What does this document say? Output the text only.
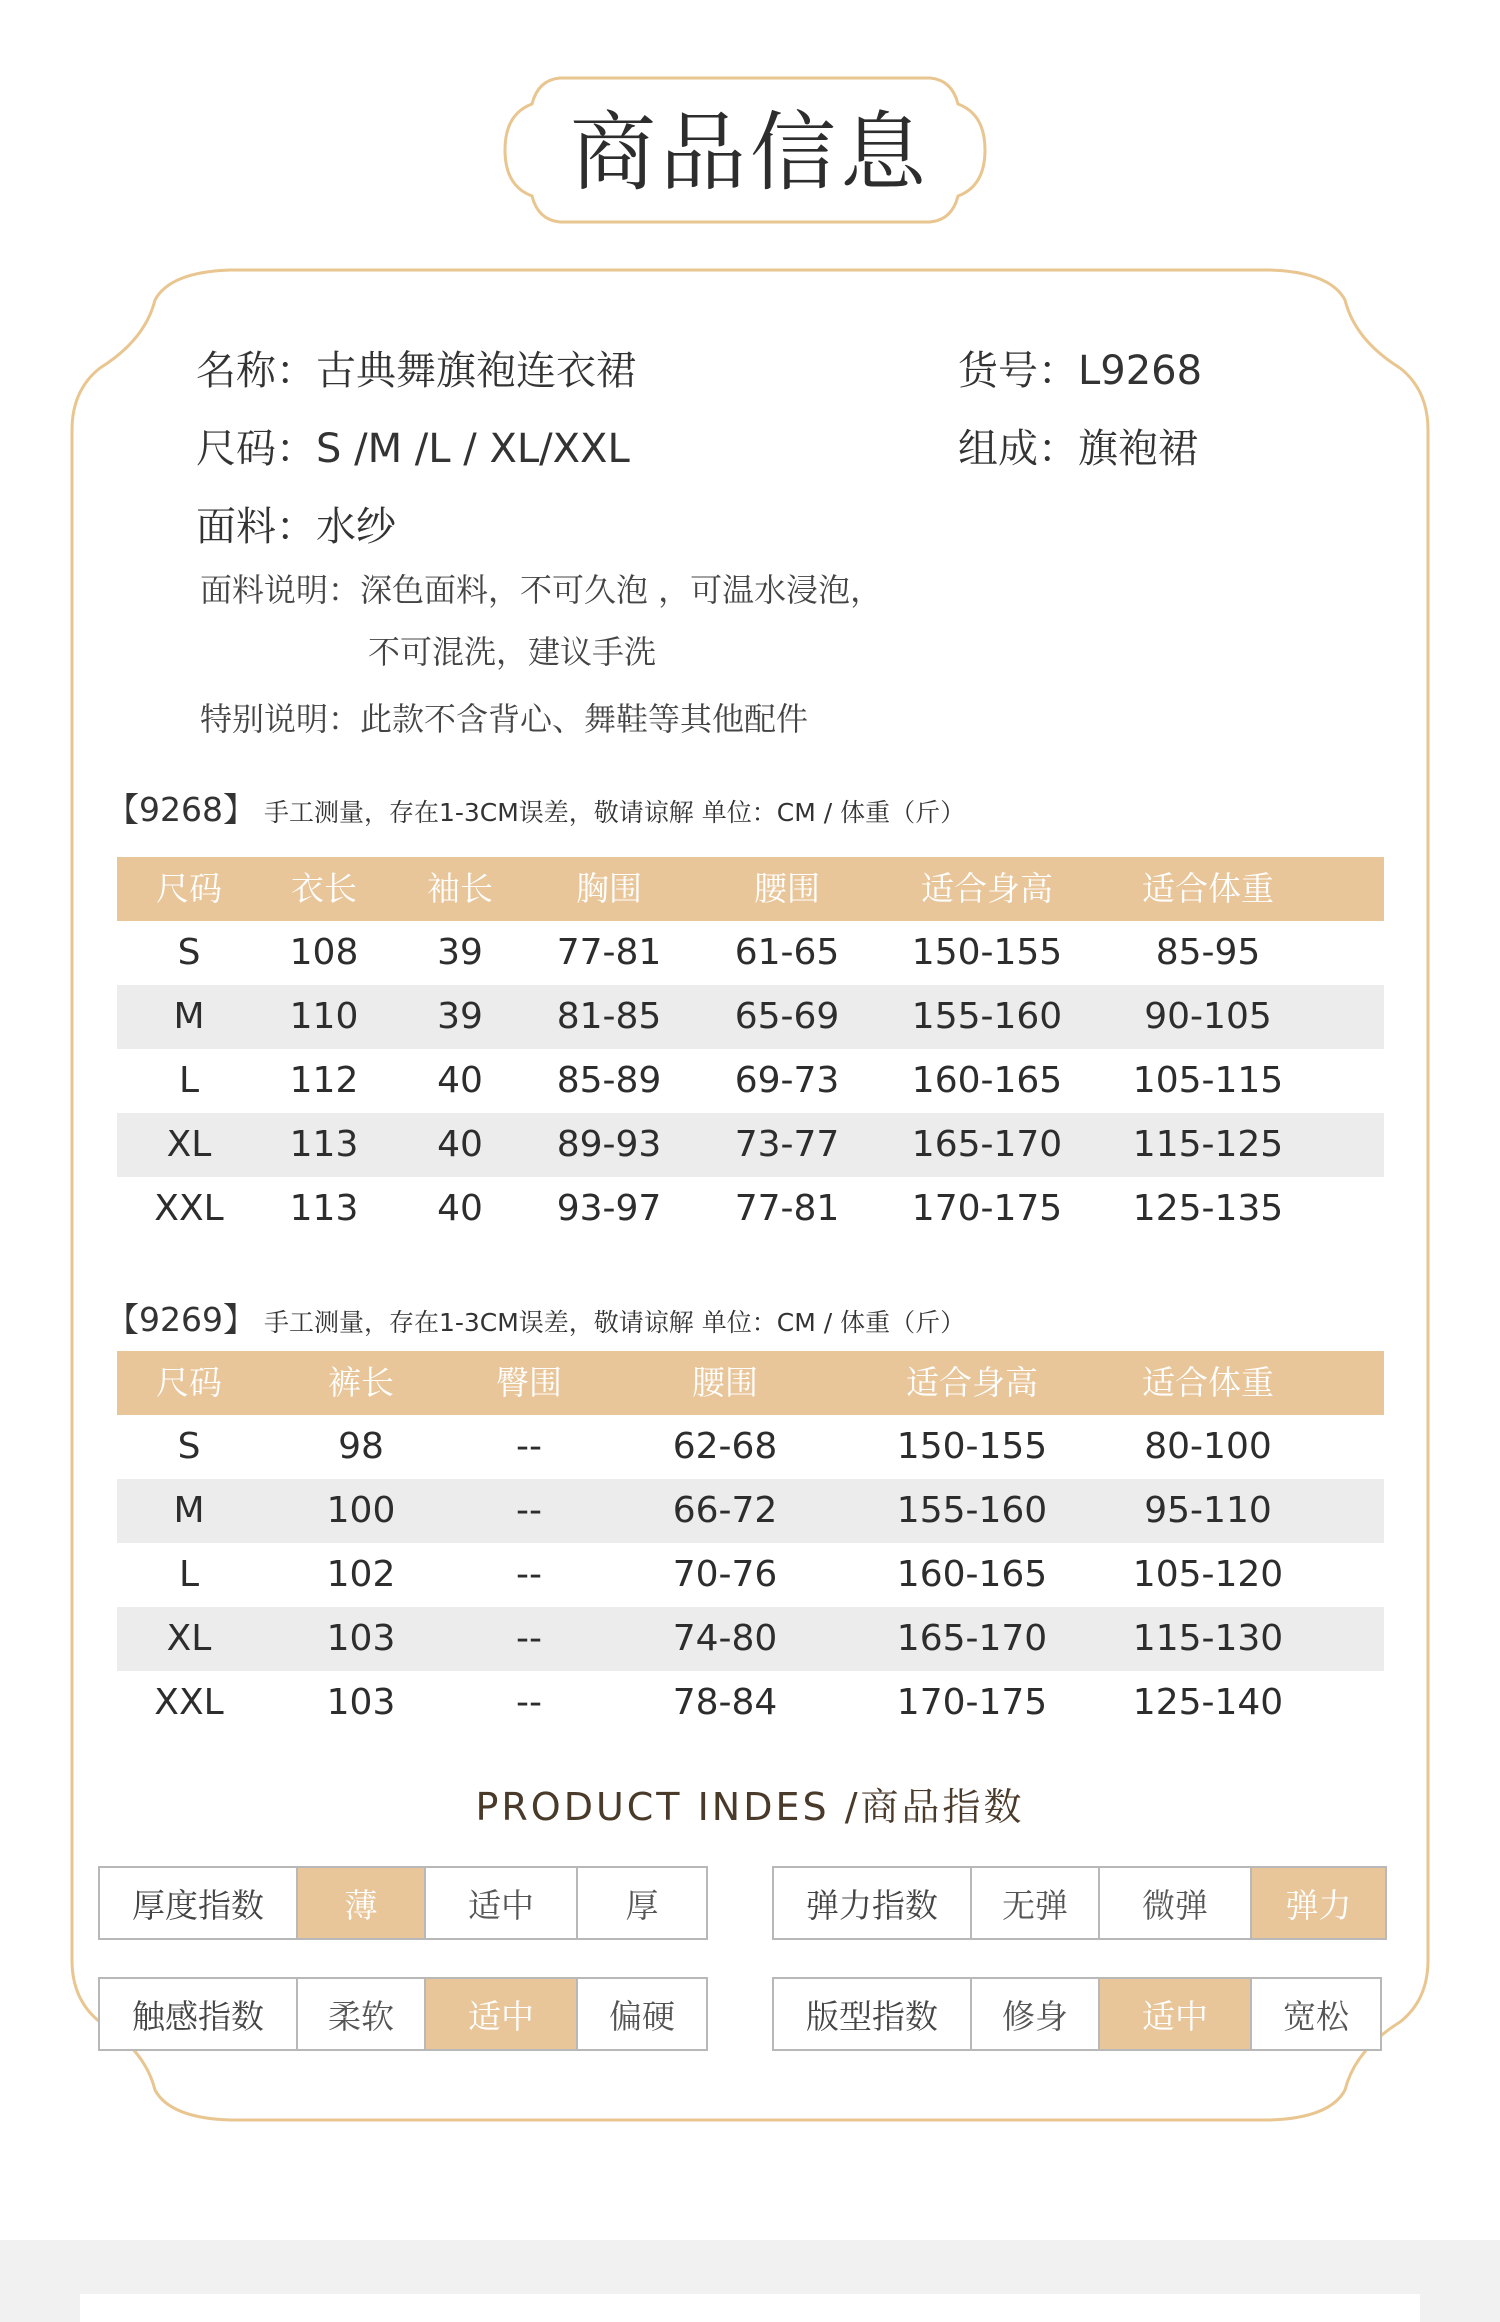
商品信息
名称：古典舞旗袍连衣裙	货号：L9268
尺码：S /M /L / XL/XXL	组成：旗袍裙
面料：水纱
面料说明：深色面料，不可久泡 ，可温水浸泡，
不可混洗，建议手洗
特别说明：此款不含背心、舞鞋等其他配件
【9268】 手工测量，存在1-3CM误差，敬请谅解 单位：CM / 体重（斤）
尺码 衣长 袖长	胸围	腰围	适合身高	适合体重
S 108 39 77-81 61-65 150-155	85-95
M 110 39 81-85 65-69 155-160 90-105
L	112 40 85-89 69-73 160-165 105-115
XL 113 40 89-93 73-77 165-170 115-125
XXL 113 40 93-97 77-81 170-175 125-135
【9269】 手工测量，存在1-3CM误差，敬请谅解 单位：CM / 体重（斤）
尺码	裤长	臀围	腰围	适合身高	适合体重
S	98	--	62-68	150-155	80-100
M	100	--	66-72	155-160	95-110
L	102	--	70-76	160-165 105-120
XL	103	--	74-80	165-170 115-130
XXL	103	--	78-84	170-175 125-140
PRODUCT INDES /商品指数
厚度指数	薄	适中	厚	弹力指数	无弹	微弹	弹力
触感指数	柔软	适中	偏硬	版型指数	修身	适中	宽松
